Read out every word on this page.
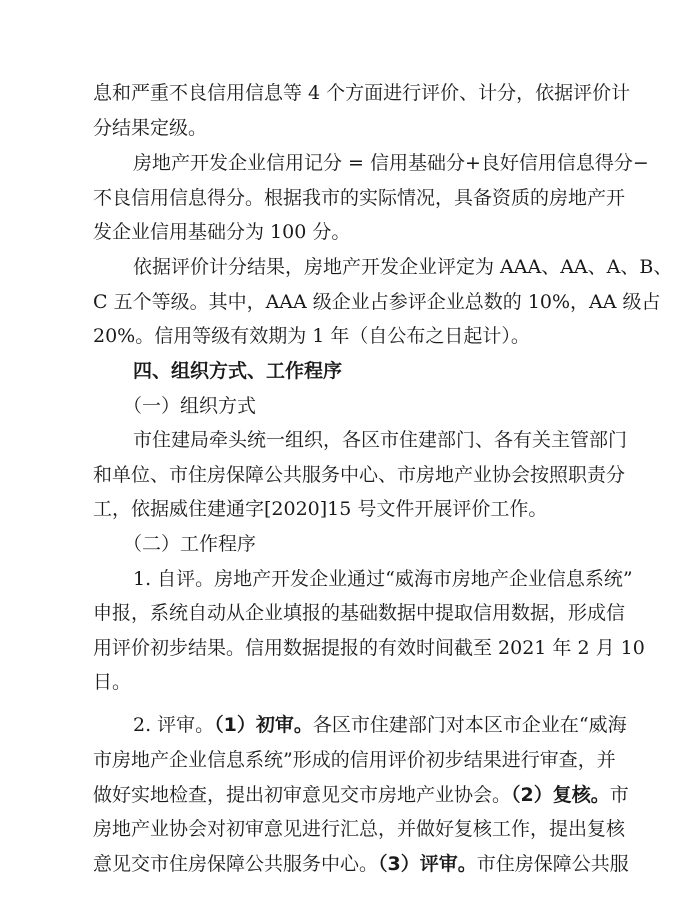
息和严重不良信用信息等 4 个方面进行评价、计分，依据评价计
分结果定级。
房地产开发企业信用记分 = 信用基础分+良好信用信息得分−
不良信用信息得分。根据我市的实际情况，具备资质的房地产开
发企业信用基础分为 100 分。
依据评价计分结果，房地产开发企业评定为 AAA、AA、A、B、
C 五个等级。其中，AAA 级企业占参评企业总数的 10%，AA 级占
20%。信用等级有效期为 1 年（自公布之日起计）。
四、组织方式、工作程序
（一）组织方式
市住建局牵头统一组织，各区市住建部门、各有关主管部门
和单位、市住房保障公共服务中心、市房地产业协会按照职责分
工，依据威住建通字[2020]15 号文件开展评价工作。
（二）工作程序
1. 自评。房地产开发企业通过“威海市房地产企业信息系统”
申报，系统自动从企业填报的基础数据中提取信用数据，形成信
用评价初步结果。信用数据提报的有效时间截至 2021 年 2 月 10
日。
2. 评审。（1）初审。各区市住建部门对本区市企业在“威海
市房地产企业信息系统”形成的信用评价初步结果进行审查，并
做好实地检查，提出初审意见交市房地产业协会。（2）复核。市
房地产业协会对初审意见进行汇总，并做好复核工作，提出复核
意见交市住房保障公共服务中心。（3）评审。市住房保障公共服
